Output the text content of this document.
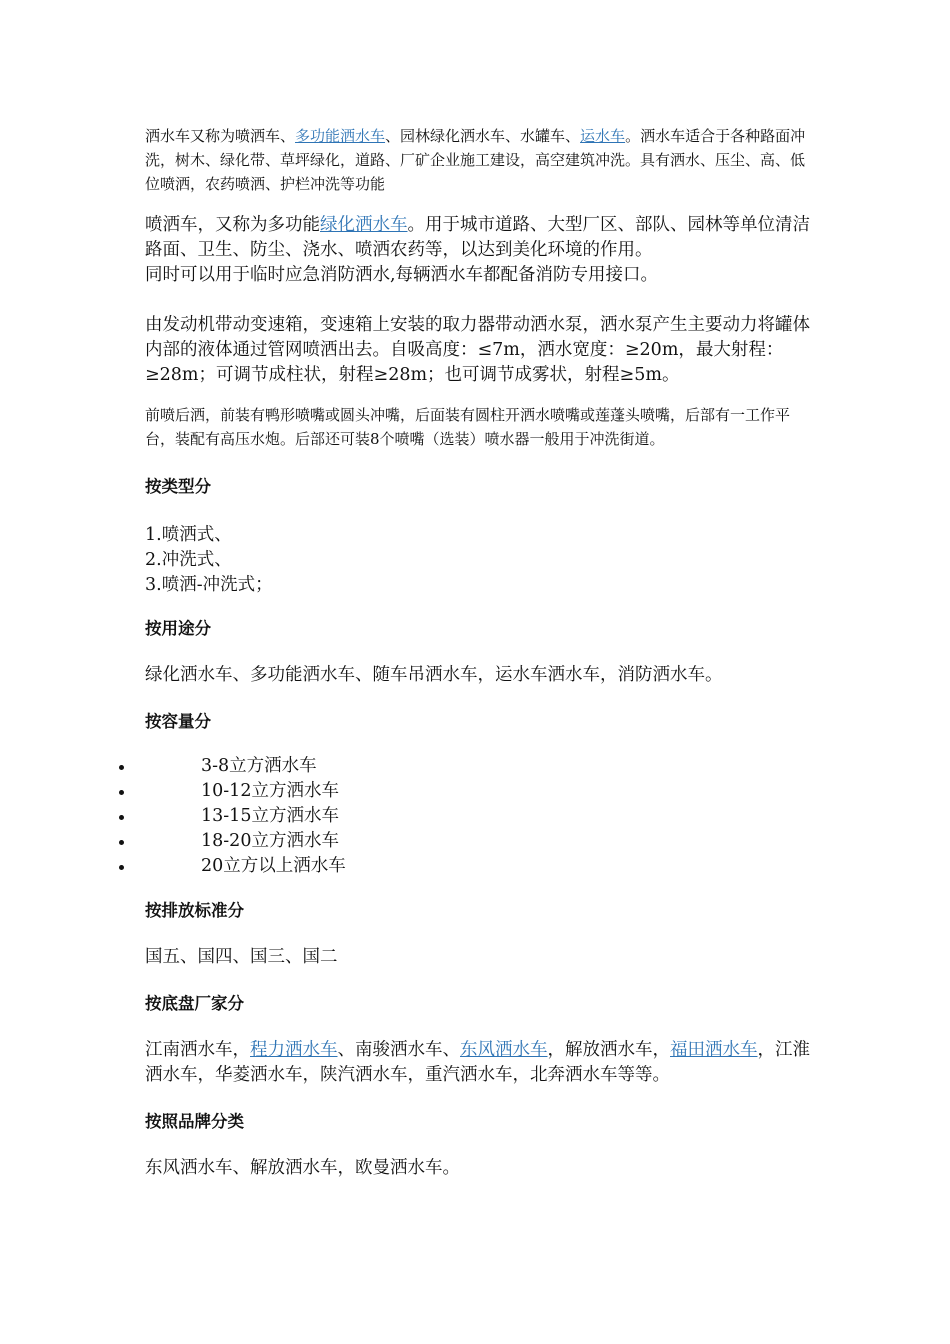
洒水车又称为喷洒车、多功能洒水车、园林绿化洒水车、水罐车、运水车。洒水车适合于各种路面冲洗，树木、绿化带、草坪绿化，道路、厂矿企业施工建设，高空建筑冲洗。具有洒水、压尘、高、低位喷洒，农药喷洒、护栏冲洗等功能

喷洒车，又称为多功能绿化洒水车。用于城市道路、大型厂区、部队、园林等单位清洁路面、卫生、防尘、浇水、喷洒农药等，以达到美化环境的作用。

同时可以用于临时应急消防洒水,每辆洒水车都配备消防专用接口。

由发动机带动变速箱，变速箱上安装的取力器带动洒水泵，洒水泵产生主要动力将罐体内部的液体通过管网喷洒出去。自吸高度：≤7m，洒水宽度：≥20m，最大射程：≥28m；可调节成柱状，射程≥28m；也可调节成雾状，射程≥5m。

前喷后洒，前装有鸭形喷嘴或圆头冲嘴，后面装有圆柱开洒水喷嘴或莲蓬头喷嘴，后部有一工作平台，装配有高压水炮。后部还可装8个喷嘴（选装）喷水器一般用于冲洗街道。

按类型分
1.喷洒式、
2.冲洗式、
3.喷洒-冲洗式；
按用途分

绿化洒水车、多功能洒水车、随车吊洒水车，运水车洒水车，消防洒水车。

按容量分
3-8立方洒水车
10-12立方洒水车
13-15立方洒水车
18-20立方洒水车
20立方以上洒水车
按排放标准分

国五、国四、国三、国二

按底盘厂家分

江南洒水车，程力洒水车、南骏洒水车、东风洒水车，解放洒水车，福田洒水车，江淮洒水车，华菱洒水车，陕汽洒水车，重汽洒水车，北奔洒水车等等。

按照品牌分类

东风洒水车、解放洒水车，欧曼洒水车。
